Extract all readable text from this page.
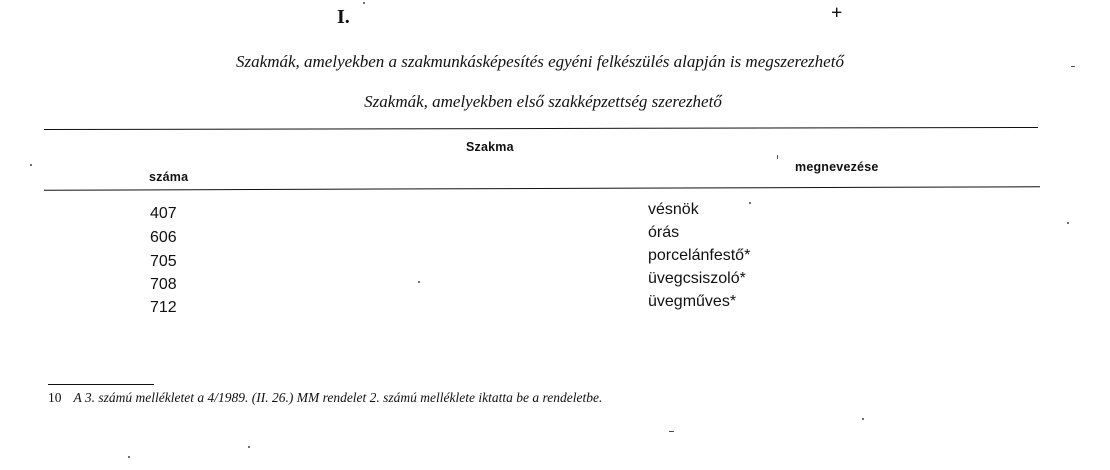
I.	+
Szakmák, amelyekben a szakmunkásképesítés egyéni felkészülés alapján is megszerezhető
Szakmák, amelyekben első szakképzettség szerezhető
Szakma
száma
megnevezése
407	vésnök
606	órás
705	porcelánfestő*
708	üvegcsiszoló*
712	üvegműves*
10 A 3. számú mellékletet a 4/1989. (II. 26.) MM rendelet 2. számú melléklete iktatta be a rendeletbe.
